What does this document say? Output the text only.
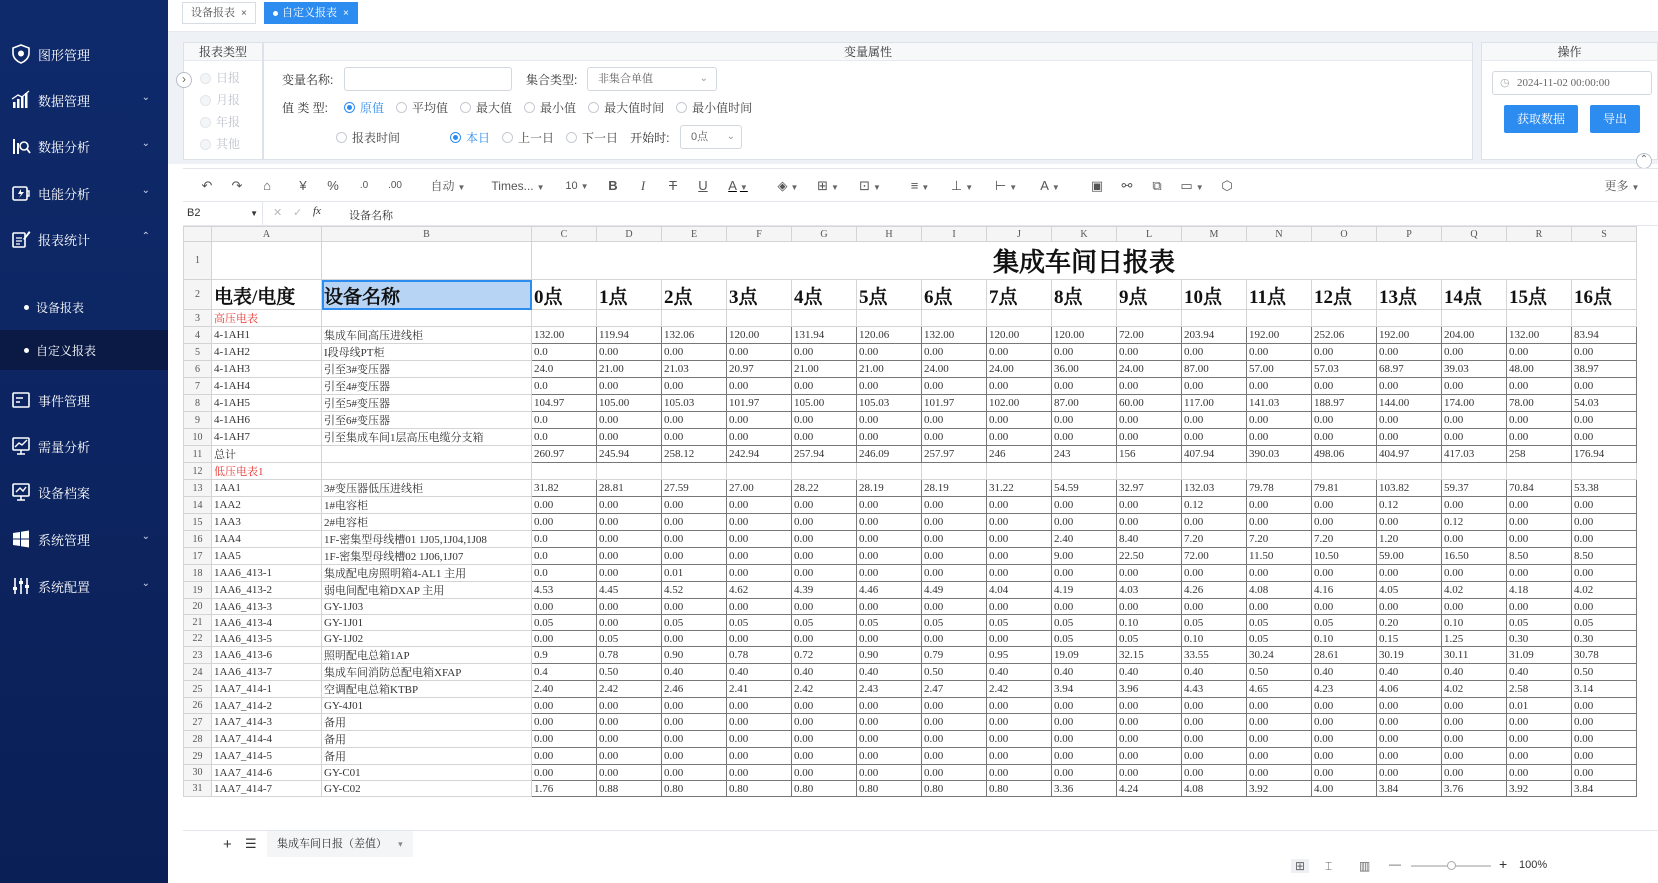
图形管理
数据管理	⌄
数据分析	⌄
电能分析	⌄
报表统计	⌃
设备报表
自定义报表
事件管理
需量分析
设备档案
系统管理	⌄
系统配置	⌄
设备报表 ×	自定义报表 ×
报表类型
日报

月报

年报

其他
›
变量属性
变量名称:	集合类型:	非集合单值	⌄
值 类 型:	原值 平均值 最大值 最小值 最大值时间 最小值时间
报表时间	本日 上一日 下一日 开始时:	0点 ⌄
操作
◷ 2024-11-02 00:00:00
获取数据	导出
⌃
↶	↷	⌂	¥	%	.0	.00	自动 ▼	Times... ▼	10 ▼	B	I	T	U	A ▼	◈ ▼	⊞ ▼	⊡ ▼	≡ ▼	⊥ ▼ ⊢ ▼	A ▼	▣	⚯	⧉	▭ ▼	⬡	更多 ▼
B2	▼ ✕ ✓ fx	设备名称
	A	B	C	D	E	F	G	H	I	J	K	L	M	N	O	P	Q	R	S
1			集成车间日报表																
2	电表/电度	设备名称	0点	1点	2点	3点	4点	5点	6点	7点	8点	9点	10点	11点	12点	13点	14点	15点	16点
3	高压电表																		
4	4-1AH1	集成车间高压进线柜	132.00	119.94	132.06	120.00	131.94	120.06	132.00	120.00	120.00	72.00	203.94	192.00	252.06	192.00	204.00	132.00	83.94
5	4-1AH2	I段母线PT柜	0.0	0.00	0.00	0.00	0.00	0.00	0.00	0.00	0.00	0.00	0.00	0.00	0.00	0.00	0.00	0.00	0.00
6	4-1AH3	引至3#变压器	24.0	21.00	21.03	20.97	21.00	21.00	24.00	24.00	36.00	24.00	87.00	57.00	57.03	68.97	39.03	48.00	38.97
7	4-1AH4	引至4#变压器	0.0	0.00	0.00	0.00	0.00	0.00	0.00	0.00	0.00	0.00	0.00	0.00	0.00	0.00	0.00	0.00	0.00
8	4-1AH5	引至5#变压器	104.97	105.00	105.03	101.97	105.00	105.03	101.97	102.00	87.00	60.00	117.00	141.03	188.97	144.00	174.00	78.00	54.03
9	4-1AH6	引至6#变压器	0.0	0.00	0.00	0.00	0.00	0.00	0.00	0.00	0.00	0.00	0.00	0.00	0.00	0.00	0.00	0.00	0.00
10	4-1AH7	引至集成车间1层高压电缆分支箱	0.0	0.00	0.00	0.00	0.00	0.00	0.00	0.00	0.00	0.00	0.00	0.00	0.00	0.00	0.00	0.00	0.00
11	总计		260.97	245.94	258.12	242.94	257.94	246.09	257.97	246	243	156	407.94	390.03	498.06	404.97	417.03	258	176.94
12	低压电表1																		
13	1AA1	3#变压器低压进线柜	31.82	28.81	27.59	27.00	28.22	28.19	28.19	31.22	54.59	32.97	132.03	79.78	79.81	103.82	59.37	70.84	53.38
14	1AA2	1#电容柜	0.00	0.00	0.00	0.00	0.00	0.00	0.00	0.00	0.00	0.00	0.12	0.00	0.00	0.12	0.00	0.00	0.00
15	1AA3	2#电容柜	0.00	0.00	0.00	0.00	0.00	0.00	0.00	0.00	0.00	0.00	0.00	0.00	0.00	0.00	0.12	0.00	0.00
16	1AA4	1F-密集型母线槽01 1J05,1J04,1J08	0.0	0.00	0.00	0.00	0.00	0.00	0.00	0.00	2.40	8.40	7.20	7.20	7.20	1.20	0.00	0.00	0.00
17	1AA5	1F-密集型母线槽02 1J06,1J07	0.0	0.00	0.00	0.00	0.00	0.00	0.00	0.00	9.00	22.50	72.00	11.50	10.50	59.00	16.50	8.50	8.50
18	1AA6_413-1	集成配电房照明箱4-AL1 主用	0.0	0.00	0.01	0.00	0.00	0.00	0.00	0.00	0.00	0.00	0.00	0.00	0.00	0.00	0.00	0.00	0.00
19	1AA6_413-2	弱电间配电箱DXAP 主用	4.53	4.45	4.52	4.62	4.39	4.46	4.49	4.04	4.19	4.03	4.26	4.08	4.16	4.05	4.02	4.18	4.02
20	1AA6_413-3	GY-1J03	0.00	0.00	0.00	0.00	0.00	0.00	0.00	0.00	0.00	0.00	0.00	0.00	0.00	0.00	0.00	0.00	0.00
21	1AA6_413-4	GY-1J01	0.05	0.00	0.05	0.05	0.05	0.05	0.05	0.05	0.05	0.10	0.05	0.05	0.05	0.20	0.10	0.05	0.05
22	1AA6_413-5	GY-1J02	0.00	0.05	0.00	0.00	0.00	0.00	0.00	0.00	0.05	0.05	0.10	0.05	0.10	0.15	1.25	0.30	0.30
23	1AA6_413-6	照明配电总箱1AP	0.9	0.78	0.90	0.78	0.72	0.90	0.79	0.95	19.09	32.15	33.55	30.24	28.61	30.19	30.11	31.09	30.78
24	1AA6_413-7	集成车间消防总配电箱XFAP	0.4	0.50	0.40	0.40	0.40	0.40	0.50	0.40	0.40	0.40	0.40	0.50	0.40	0.40	0.40	0.40	0.50
25	1AA7_414-1	空调配电总箱KTBP	2.40	2.42	2.46	2.41	2.42	2.43	2.47	2.42	3.94	3.96	4.43	4.65	4.23	4.06	4.02	2.58	3.14
26	1AA7_414-2	GY-4J01	0.00	0.00	0.00	0.00	0.00	0.00	0.00	0.00	0.00	0.00	0.00	0.00	0.00	0.00	0.00	0.01	0.00
27	1AA7_414-3	备用	0.00	0.00	0.00	0.00	0.00	0.00	0.00	0.00	0.00	0.00	0.00	0.00	0.00	0.00	0.00	0.00	0.00
28	1AA7_414-4	备用	0.00	0.00	0.00	0.00	0.00	0.00	0.00	0.00	0.00	0.00	0.00	0.00	0.00	0.00	0.00	0.00	0.00
29	1AA7_414-5	备用	0.00	0.00	0.00	0.00	0.00	0.00	0.00	0.00	0.00	0.00	0.00	0.00	0.00	0.00	0.00	0.00	0.00
30	1AA7_414-6	GY-C01	0.00	0.00	0.00	0.00	0.00	0.00	0.00	0.00	0.00	0.00	0.00	0.00	0.00	0.00	0.00	0.00	0.00
31	1AA7_414-7	GY-C02	1.76	0.88	0.80	0.80	0.80	0.80	0.80	0.80	3.36	4.24	4.08	3.92	4.00	3.84	3.76	3.92	3.84
+ ☰	集成车间日报（差值） ▾
⊞	⌶ ▥ —	+ 100%
